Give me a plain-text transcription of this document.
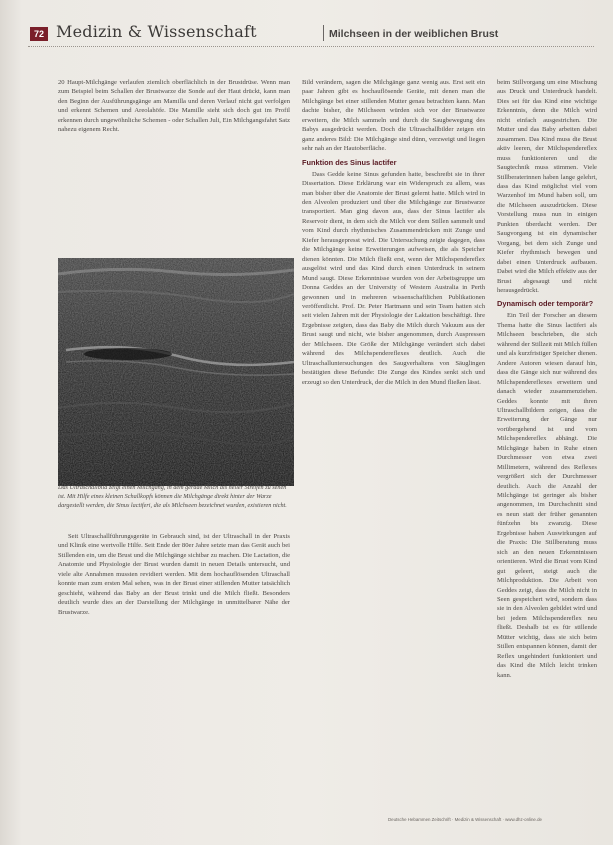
72 Medizin & Wissenschaft	Milchseen in der weiblichen Brust

20 Haupt-Milchgänge verlaufen ziemlich oberflächlich in der Brustdrüse. Wenn man zum Beispiel beim Schallen der Brustwarze die Sonde auf der Haut drückt, kann man den Beginn der Ausführungsgänge am Mamilla und deren Verlauf nicht gut verfolgen und erkennt Schemen und Areolahöfe. Die Mamille sieht sich doch gut im Profil erkennen durch ungewöhnliche Schemen - oder Schallen Juli, Ein Milchgangsfahrt Satz nahezu eigenem Recht.

Das Ultraschallbild zeigt einen Milchgang, in dem gerade Milch als heller Streifen zu sehen ist. Mit Hilfe eines kleinen Schallkopfs können die Milchgänge direkt hinter der Warze dargestellt werden, die Sinus lactiferi, die als Milchseen bezeichnet wurden, existieren nicht.

Seit Ultraschallführungsgeräte in Gebrauch sind, ist der Ultraschall in der Praxis und Klinik eine wertvolle Hilfe. Seit Ende der 80er Jahre setzte man das Gerät auch bei Stillenden ein, um die Brust und die Milchgänge sichtbar zu machen. Die Lactation, die Anatomie und Physiologie der Brust wurden damit in neuen Details untersucht, und viele alte Annahmen mussten revidiert werden. Mit dem hochauflösenden Ultraschall konnte man zum ersten Mal sehen, was in der Brust einer stillenden Mutter tatsächlich geschieht, während das Baby an der Brust trinkt und die Milch fließt. Besonders deutlich wurde dies an der Darstellung der Milchgänge in unmittelbarer Nähe der Brustwarze.

Bild verändern, sagen die Milchgänge ganz wenig aus. Erst seit ein paar Jahren gibt es hochauflösende Geräte, mit denen man die Milchgänge bei einer stillenden Mutter genau betrachten kann. Man dachte bisher, die Milchseen würden sich vor der Brustwarze erweitern, die Milch sammeln und durch die Saugbewegung des Babys ausgedrückt werden. Doch die Ultraschallbilder zeigen ein ganz anderes Bild: Die Milchgänge sind dünn, verzweigt und liegen sehr nah an der Hautoberfläche.

Funktion des Sinus lactifer

Dass Gedde keine Sinus gefunden hatte, beschreibt sie in ihrer Dissertation. Diese Erklärung war ein Widerspruch zu allem, was man bisher über die Anatomie der Brust gelernt hatte. Milch wird in den Alveolen produziert und über die Milchgänge zur Brustwarze transportiert. Man ging davon aus, dass der Sinus lactifer als Reservoir dient, in dem sich die Milch vor dem Stillen sammelt und vom Kind durch rhythmisches Zusammendrücken mit Zunge und Kiefer herausgepresst wird. Die Untersuchung zeigte dagegen, dass die Milchgänge keine Erweiterungen aufweisen, die als Speicher dienen könnten. Die Milch fließt erst, wenn der Milchspendereflex ausgelöst wird und das Kind durch einen Unterdruck in seinem Mund saugt. Diese Erkenntnisse wurden von der Arbeitsgruppe um Donna Geddes an der University of Western Australia in Perth gewonnen und in mehreren wissenschaftlichen Publikationen veröffentlicht. Prof. Dr. Peter Hartmann und sein Team hatten sich seit vielen Jahren mit der Physiologie der Laktation beschäftigt. Ihre Ergebnisse zeigten, dass das Baby die Milch durch Vakuum aus der Brust saugt und nicht, wie bisher angenommen, durch Auspressen der Milchseen. Die Größe der Milchgänge verändert sich dabei während des Milchspendereflexes deutlich. Auch die Ultraschalluntersuchungen des Saugverhaltens von Säuglingen bestätigten diese Befunde: Die Zunge des Kindes senkt sich und erzeugt so den Unterdruck, der die Milch in den Mund fließen lässt.

beim Stillvorgang um eine Mischung aus Druck und Unterdruck handelt. Dies sei für das Kind eine wichtige Erkenntnis, denn die Milch wird nicht einfach ausgestrichen. Die Mutter und das Baby arbeiten dabei zusammen. Das Kind muss die Brust aktiv leeren, der Milchspendereflex muss funktionieren und die Saugtechnik muss stimmen. Viele Stillberaterinnen haben lange gelehrt, dass das Kind möglichst viel vom Warzenhof im Mund haben soll, um die Milchseen auszudrücken. Diese Vorstellung muss nun in einigen Punkten überdacht werden. Der Saugvorgang ist ein dynamischer Vorgang, bei dem sich Zunge und Kiefer rhythmisch bewegen und dabei einen Unterdruck aufbauen. Dabei wird die Milch effektiv aus der Brust abgesaugt und nicht herausgedrückt.

Dynamisch oder temporär?

Ein Teil der Forscher an diesem Thema hatte die Sinus lactiferi als Milchseen beschrieben, die sich während der Stillzeit mit Milch füllen und als kurzfristiger Speicher dienen. Andere Autoren wiesen darauf hin, dass die Gänge sich nur während des Milchspendereflexes erweitern und danach wieder zusammenziehen. Geddes konnte mit ihren Ultraschallbildern zeigen, dass die Erweiterung der Gänge nur vorübergehend ist und vom Milchspendereflex abhängt. Die Milchgänge haben in Ruhe einen Durchmesser von etwa zwei Millimetern, während des Reflexes vergrößert sich der Durchmesser deutlich. Auch die Anzahl der Milchgänge ist geringer als bisher angenommen, im Durchschnitt sind es neun statt der früher genannten fünfzehn bis zwanzig. Diese Ergebnisse haben Auswirkungen auf die Praxis: Die Stillberatung muss sich an den neuen Erkenntnissen orientieren. Wird die Brust vom Kind gut geleert, steigt auch die Milchproduktion. Die Arbeit von Geddes zeigt, dass die Milch nicht in Seen gespeichert wird, sondern dass sie in den Alveolen gebildet wird und bei jedem Milchspendereflex neu fließt. Deshalb ist es für stillende Mütter wichtig, dass sie sich beim Stillen entspannen können, damit der Reflex ungehindert funktioniert und das Kind die Milch leicht trinken kann.

Deutsche Hebammen Zeitschrift · Medizin & Wissenschaft · www.dhz-online.de
